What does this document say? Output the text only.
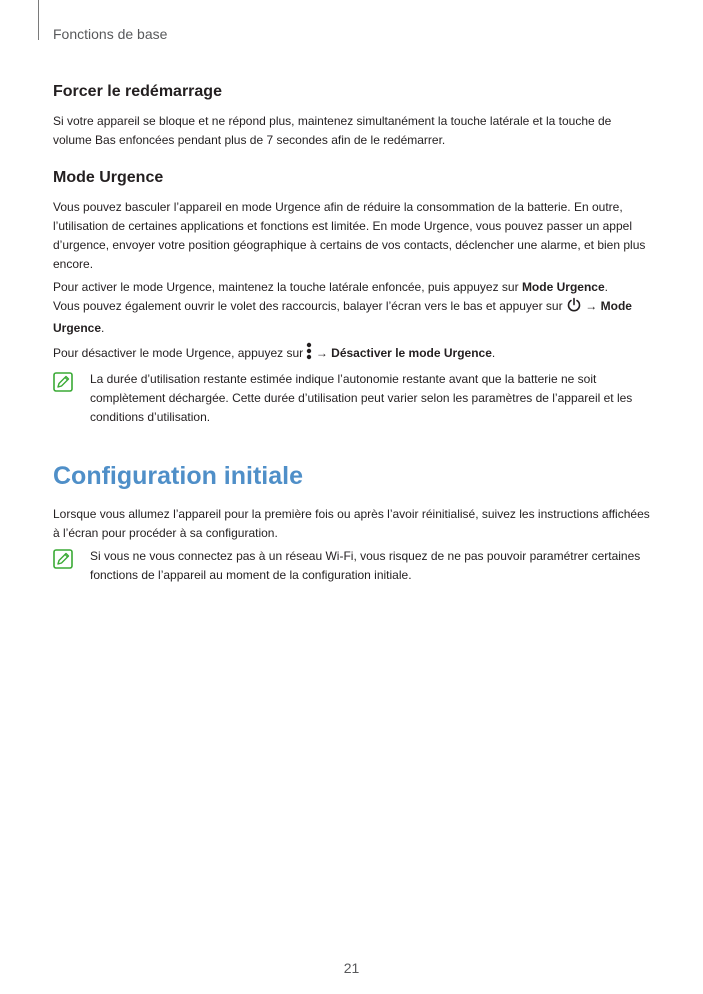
Fonctions de base
Forcer le redémarrage

Si votre appareil se bloque et ne répond plus, maintenez simultanément la touche latérale et la touche de volume Bas enfoncées pendant plus de 7 secondes afin de le redémarrer.

Mode Urgence

Vous pouvez basculer l’appareil en mode Urgence afin de réduire la consommation de la batterie. En outre, l’utilisation de certaines applications et fonctions est limitée. En mode Urgence, vous pouvez passer un appel d’urgence, envoyer votre position géographique à certains de vos contacts, déclencher une alarme, et bien plus encore.

Pour activer le mode Urgence, maintenez la touche latérale enfoncée, puis appuyez sur Mode Urgence.
Vous pouvez également ouvrir le volet des raccourcis, balayer l’écran vers le bas et appuyer sur  → Mode Urgence.

Pour désactiver le mode Urgence, appuyez sur  → Désactiver le mode Urgence.

La durée d’utilisation restante estimée indique l’autonomie restante avant que la batterie ne soit complètement déchargée. Cette durée d’utilisation peut varier selon les paramètres de l’appareil et les conditions d’utilisation.
Configuration initiale

Lorsque vous allumez l’appareil pour la première fois ou après l’avoir réinitialisé, suivez les instructions affichées à l’écran pour procéder à sa configuration.

Si vous ne vous connectez pas à un réseau Wi-Fi, vous risquez de ne pas pouvoir paramétrer certaines fonctions de l’appareil au moment de la configuration initiale.
21
